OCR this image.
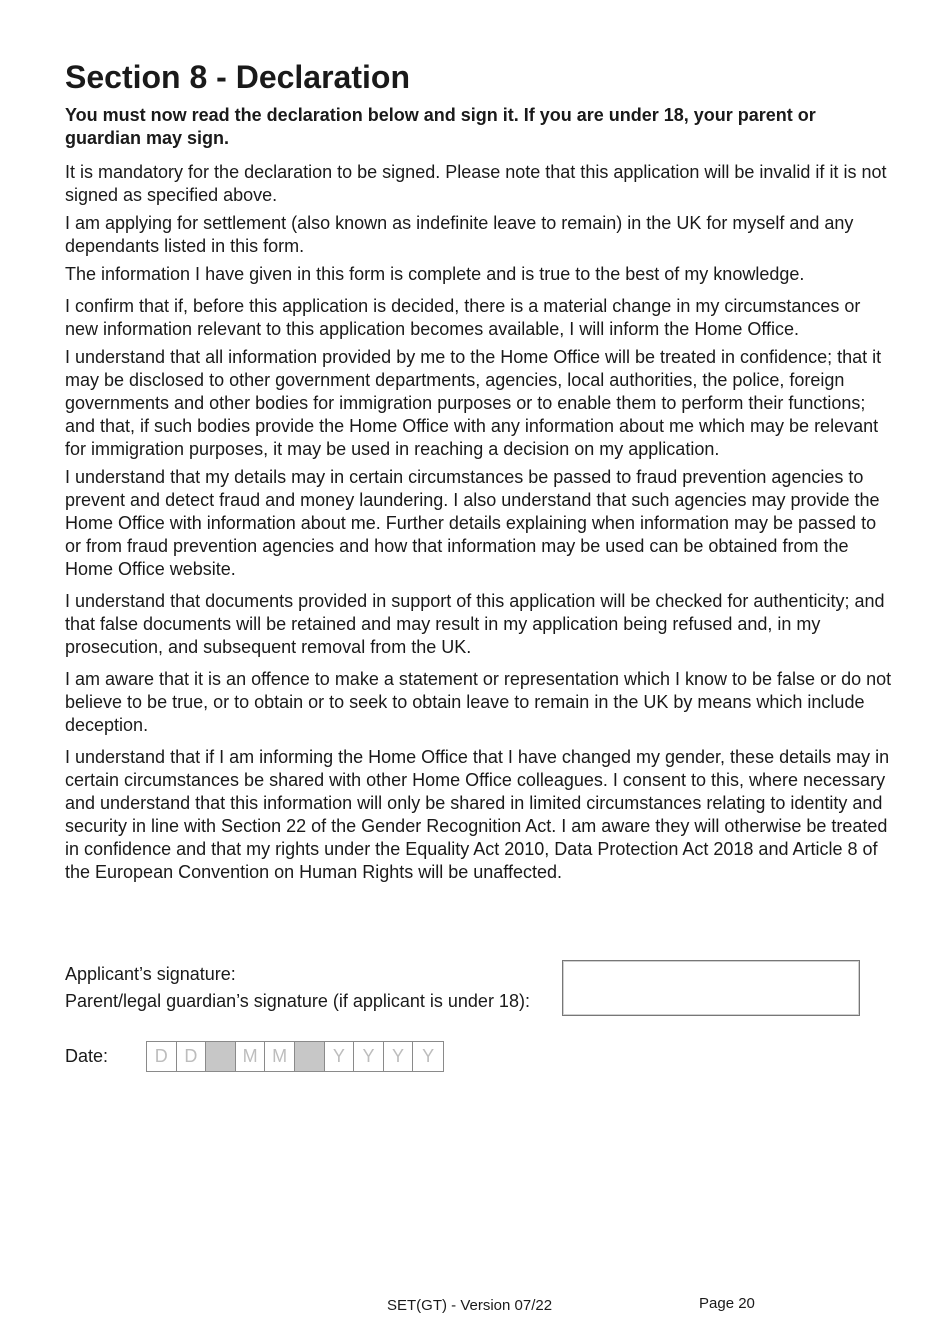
Section 8 - Declaration

You must now read the declaration below and sign it. If you are under 18, your parent or guardian may sign.

It is mandatory for the declaration to be signed. Please note that this application will be invalid if it is not signed as specified above.

I am applying for settlement (also known as indefinite leave to remain) in the UK for myself and any dependants listed in this form.

The information I have given in this form is complete and is true to the best of my knowledge.

I confirm that if, before this application is decided, there is a material change in my circumstances or new information relevant to this application becomes available, I will inform the Home Office.

I understand that all information provided by me to the Home Office will be treated in confidence; that it may be disclosed to other government departments, agencies, local authorities, the police, foreign governments and other bodies for immigration purposes or to enable them to perform their functions; and that, if such bodies provide the Home Office with any information about me which may be relevant for immigration purposes, it may be used in reaching a decision on my application.

I understand that my details may in certain circumstances be passed to fraud prevention agencies to prevent and detect fraud and money laundering. I also understand that such agencies may provide the Home Office with information about me. Further details explaining when information may be passed to or from fraud prevention agencies and how that information may be used can be obtained from the Home Office website.

I understand that documents provided in support of this application will be checked for authenticity; and that false documents will be retained and may result in my application being refused and, in my prosecution, and subsequent removal from the UK.

I am aware that it is an offence to make a statement or representation which I know to be false or do not believe to be true, or to obtain or to seek to obtain leave to remain in the UK by means which include deception.

I understand that if I am informing the Home Office that I have changed my gender, these details may in certain circumstances be shared with other Home Office colleagues. I consent to this, where necessary and understand that this information will only be shared in limited circumstances relating to identity and security in line with Section 22 of the Gender Recognition Act. I am aware they will otherwise be treated in confidence and that my rights under the Equality Act 2010, Data Protection Act 2018 and Article 8 of the European Convention on Human Rights will be unaffected.

Applicant’s signature:
Parent/legal guardian’s signature (if applicant is under 18):
Date:	D D	M M	Y Y Y	Y
SET(GT) - Version 07/22	Page 20
